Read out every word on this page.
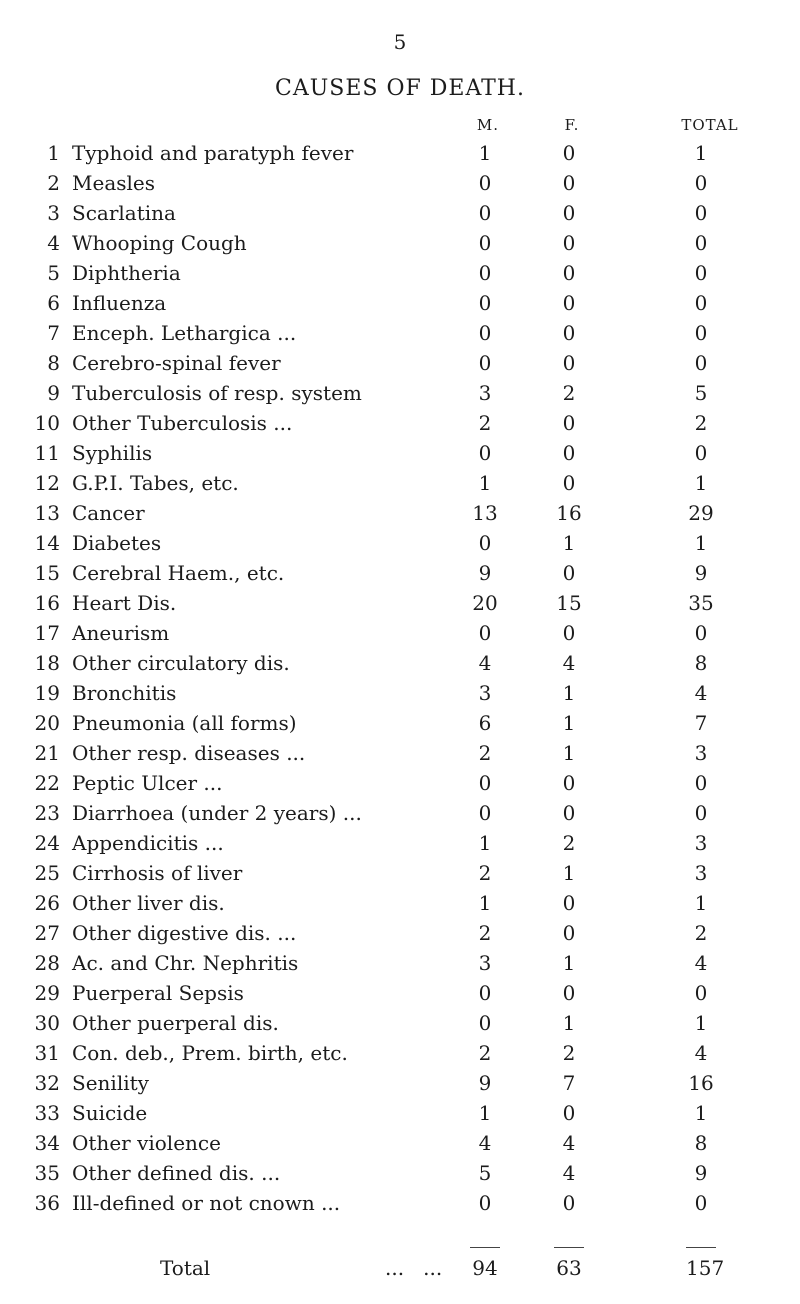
5
CAUSES OF DEATH.
M.	F.	TOTAL
1 Typhoid and paratyph fever	1	0	1
2 Measles	0	0	0
3 Scarlatina	0	0	0
4 Whooping Cough	0	0	0
5 Diphtheria	0	0	0
6 Influenza	0	0	0
7 Enceph. Lethargica ...	0	0	0
8 Cerebro-spinal fever	0	0	0
9 Tuberculosis of resp. system	3	2	5
10 Other Tuberculosis ...	2	0	2
11 Syphilis	0	0	0
12 G.P.I. Tabes, etc.	1	0	1
13 Cancer	13	16	29
14 Diabetes	0	1	1
15 Cerebral Haem., etc.	9	0	9
16 Heart Dis.	20	15	35
17 Aneurism	0	0	0
18 Other circulatory dis.	4	4	8
19 Bronchitis	3	1	4
20 Pneumonia (all forms)	6	1	7
21 Other resp. diseases ...	2	1	3
22 Peptic Ulcer ...	0	0	0
23 Diarrhoea (under 2 years) ...	0	0	0
24 Appendicitis ...	1	2	3
25 Cirrhosis of liver	2	1	3
26 Other liver dis.	1	0	1
27 Other digestive dis. ...	2	0	2
28 Ac. and Chr. Nephritis	3	1	4
29 Puerperal Sepsis	0	0	0
30 Other puerperal dis.	0	1	1
31 Con. deb., Prem. birth, etc.	2	2	4
32 Senility	9	7	16
33 Suicide	1	0	1
34 Other violence	4	4	8
35 Other defined dis. ...	5	4	9
36 Ill-defined or not cnown ...	0	0	0
Total	...   ...	94	63	157
